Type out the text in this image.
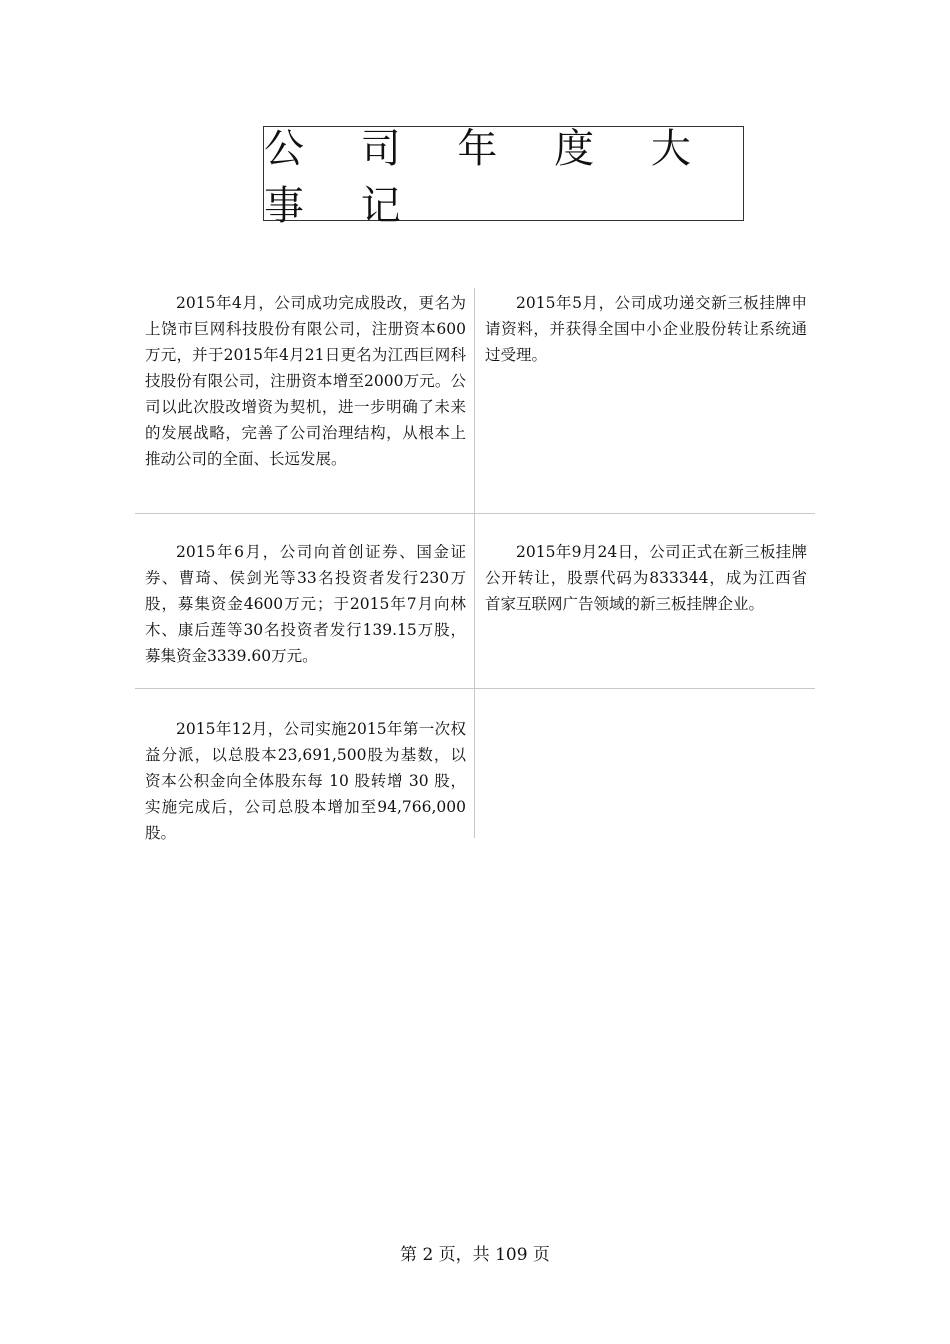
公 司 年 度 大 事 记
2015年4月，公司成功完成股改，更名为上饶市巨网科技股份有限公司，注册资本600万元，并于2015年4月21日更名为江西巨网科技股份有限公司，注册资本增至2000万元。公司以此次股改增资为契机，进一步明确了未来的发展战略，完善了公司治理结构，从根本上推动公司的全面、长远发展。
2015年5月，公司成功递交新三板挂牌申请资料，并获得全国中小企业股份转让系统通过受理。
2015年6月，公司向首创证券、国金证券、曹琦、侯剑光等33名投资者发行230万股，募集资金4600万元；于2015年7月向林木、康后莲等30名投资者发行139.15万股，募集资金3339.60万元。
2015年9月24日，公司正式在新三板挂牌公开转让，股票代码为833344，成为江西省首家互联网广告领域的新三板挂牌企业。
2015年12月，公司实施2015年第一次权益分派，以总股本23,691,500股为基数，以资本公积金向全体股东每 10 股转增 30 股，实施完成后，公司总股本增加至94,766,000股。
第 2 页，共 109 页
